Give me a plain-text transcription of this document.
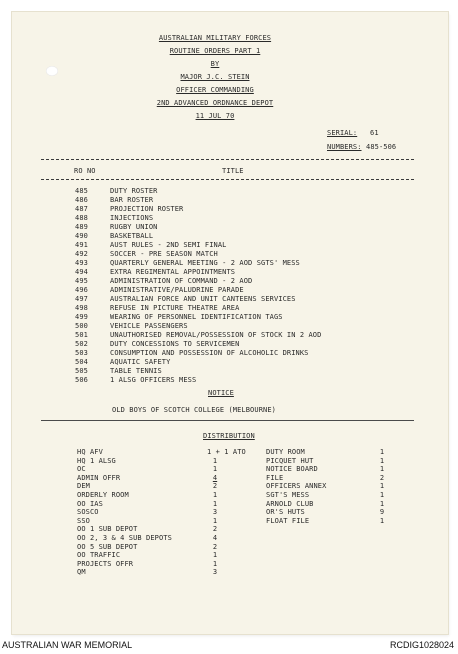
AUSTRALIAN MILITARY FORCES
ROUTINE ORDERS PART 1
BY
MAJOR J.C. STEIN
OFFICER COMMANDING
2ND ADVANCED ORDNANCE DEPOT
11 JUL 70
SERIAL: 61
NUMBERS: 485-506
RO NO	TITLE
485	DUTY ROSTER
486	BAR ROSTER
487	PROJECTION ROSTER
488	INJECTIONS
489	RUGBY UNION
490	BASKETBALL
491	AUST RULES - 2ND SEMI FINAL
492	SOCCER - PRE SEASON MATCH
493	QUARTERLY GENERAL MEETING - 2 AOD SGTS' MESS
494	EXTRA REGIMENTAL APPOINTMENTS
495	ADMINISTRATION OF COMMAND - 2 AOD
496	ADMINISTRATIVE/PALUDRINE PARADE
497	AUSTRALIAN FORCE AND UNIT CANTEENS SERVICES
498	REFUSE IN PICTURE THEATRE AREA
499	WEARING OF PERSONNEL IDENTIFICATION TAGS
500	VEHICLE PASSENGERS
501	UNAUTHORISED REMOVAL/POSSESSION OF STOCK IN 2 AOD
502	DUTY CONCESSIONS TO SERVICEMEN
503	CONSUMPTION AND POSSESSION OF ALCOHOLIC DRINKS
504	AQUATIC SAFETY
505	TABLE TENNIS
506	1 ALSG OFFICERS MESS
NOTICE
OLD BOYS OF SCOTCH COLLEGE (MELBOURNE)
DISTRIBUTION
HQ AFV	1 + 1 ATO
HQ 1 ALSG	1
OC	1
ADMIN OFFR	4
DEM	2
ORDERLY ROOM	1
OO IAS	1
SOSCO	3
SSO	1
OO 1 SUB DEPOT	2
OO 2, 3 & 4 SUB DEPOTS	4
OO 5 SUB DEPOT	2
OO TRAFFIC	1
PROJECTS OFFR	1
QM	3
DUTY ROOM	1
PICQUET HUT	1
NOTICE BOARD	1
FILE	2
OFFICERS ANNEX	1
SGT'S MESS	1
ARNOLD CLUB	1
OR'S HUTS	9
FLOAT FILE	1
AUSTRALIAN WAR MEMORIAL	RCDIG1028024
